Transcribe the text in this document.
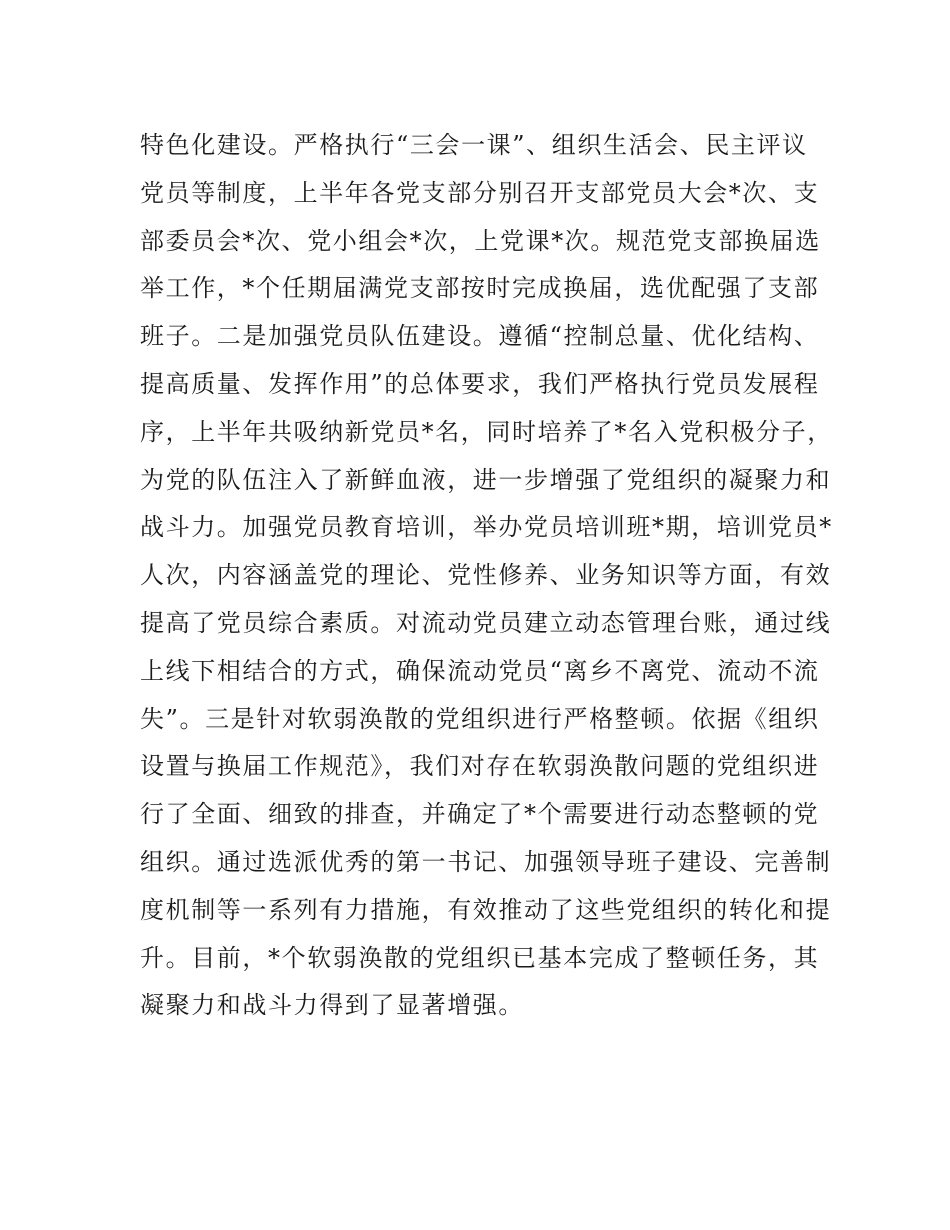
特色化建设。严格执行“三会一课”、组织生活会、民主评议
党员等制度，上半年各党支部分别召开支部党员大会*次、支
部委员会*次、党小组会*次，上党课*次。规范党支部换届选
举工作，*个任期届满党支部按时完成换届，选优配强了支部
班子。二是加强党员队伍建设。遵循“控制总量、优化结构、
提高质量、发挥作用”的总体要求，我们严格执行党员发展程
序，上半年共吸纳新党员*名，同时培养了*名入党积极分子，
为党的队伍注入了新鲜血液，进一步增强了党组织的凝聚力和
战斗力。加强党员教育培训，举办党员培训班*期，培训党员*
人次，内容涵盖党的理论、党性修养、业务知识等方面，有效
提高了党员综合素质。对流动党员建立动态管理台账，通过线
上线下相结合的方式，确保流动党员“离乡不离党、流动不流
失”。三是针对软弱涣散的党组织进行严格整顿。依据《组织
设置与换届工作规范》，我们对存在软弱涣散问题的党组织进
行了全面、细致的排查，并确定了*个需要进行动态整顿的党
组织。通过选派优秀的第一书记、加强领导班子建设、完善制
度机制等一系列有力措施，有效推动了这些党组织的转化和提
升。目前，*个软弱涣散的党组织已基本完成了整顿任务，其
凝聚力和战斗力得到了显著增强。
